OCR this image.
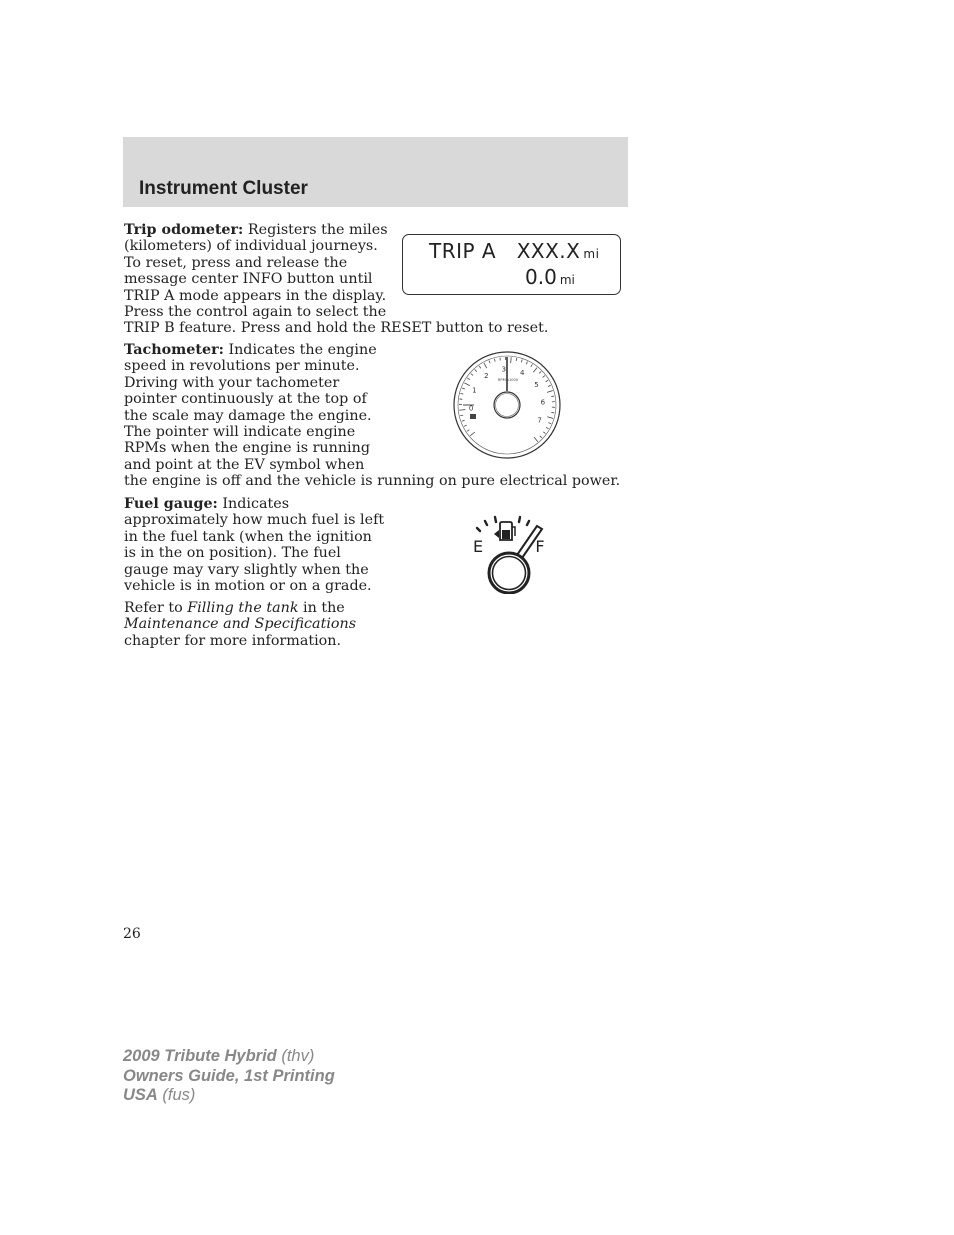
Instrument Cluster
Trip odometer: Registers the miles
(kilometers) of individual journeys.
To reset, press and release the
message center INFO button until
TRIP A mode appears in the display.
Press the control again to select the
TRIP B feature. Press and hold the RESET button to reset.
TRIP A XXX.X mi
0.0 mi
Tachometer: Indicates the engine
speed in revolutions per minute.
Driving with your tachometer
pointer continuously at the top of
the scale may damage the engine.
The pointer will indicate engine
RPMs when the engine is running
and point at the EV symbol when
the engine is off and the vehicle is running on pure electrical power.
0
1
2
3 4
5
6
7
RPM x1000
Fuel gauge: Indicates
approximately how much fuel is left
in the fuel tank (when the ignition
is in the on position). The fuel
gauge may vary slightly when the
vehicle is in motion or on a grade.
E	F
Refer to Filling the tank in the
Maintenance and Specifications
chapter for more information.
26
2009 Tribute Hybrid (thv)
Owners Guide, 1st Printing
USA (fus)
